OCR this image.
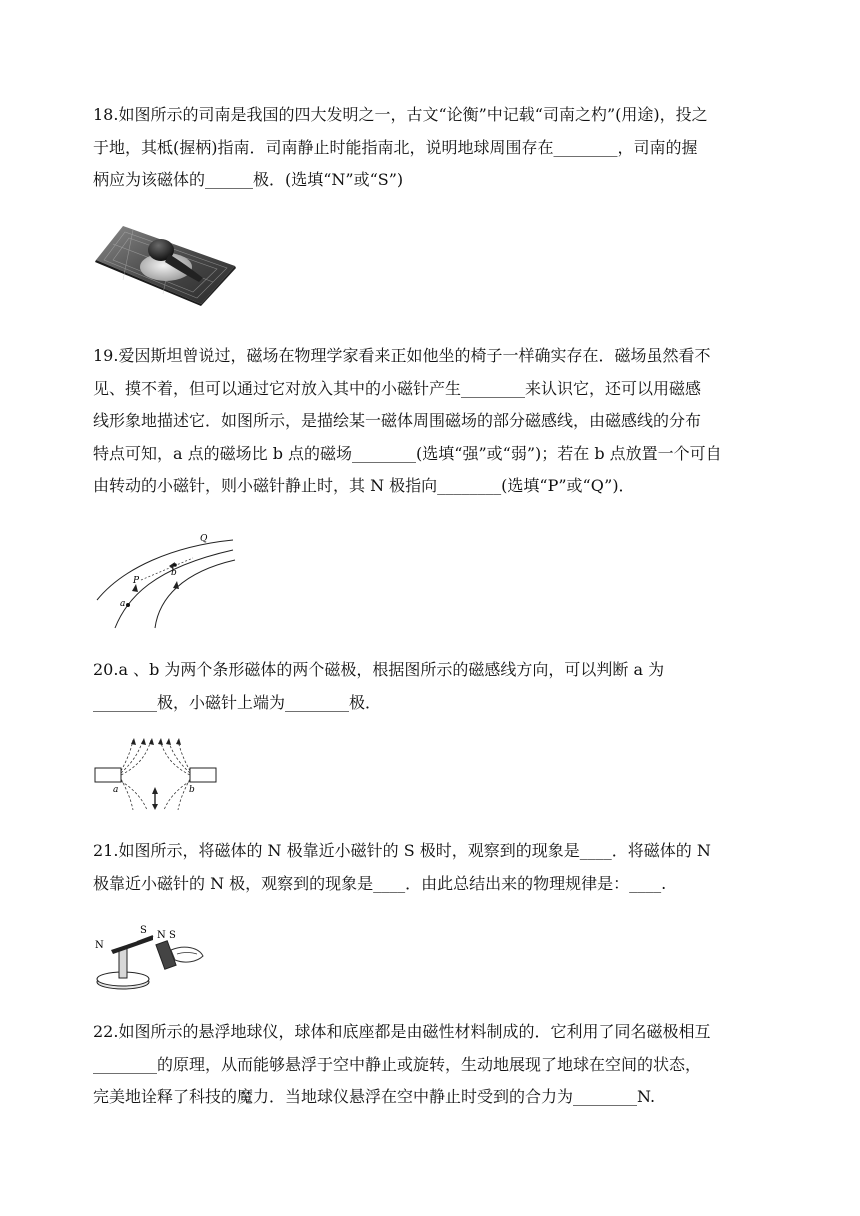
18.如图所示的司南是我国的四大发明之一，古文“论衡”中记载“司南之杓”(用途)，投之

于地，其柢(握柄)指南．司南静止时能指南北，说明地球周围存在________，司南的握

柄应为该磁体的______极．(选填“N”或“S”)

19.爱因斯坦曾说过，磁场在物理学家看来正如他坐的椅子一样确实存在．磁场虽然看不

见、摸不着，但可以通过它对放入其中的小磁针产生________来认识它，还可以用磁感

线形象地描述它．如图所示，是描绘某一磁体周围磁场的部分磁感线，由磁感线的分布

特点可知，a 点的磁场比 b 点的磁场________(选填“强”或“弱”)；若在 b 点放置一个可自

由转动的小磁针，则小磁针静止时，其 N 极指向________(选填“P”或“Q”)．

Q
P
b
a

20.a 、b 为两个条形磁体的两个磁极，根据图所示的磁感线方向，可以判断 a 为

________极，小磁针上端为________极．

a	b

21.如图所示，将磁体的 N 极靠近小磁针的 S 极时，观察到的现象是____．将磁体的 N

极靠近小磁针的 N 极，观察到的现象是____．由此总结出来的物理规律是：____.

N
S N S

22.如图所示的悬浮地球仪，球体和底座都是由磁性材料制成的．它利用了同名磁极相互

________的原理，从而能够悬浮于空中静止或旋转，生动地展现了地球在空间的状态，

完美地诠释了科技的魔力．当地球仪悬浮在空中静止时受到的合力为________N.
